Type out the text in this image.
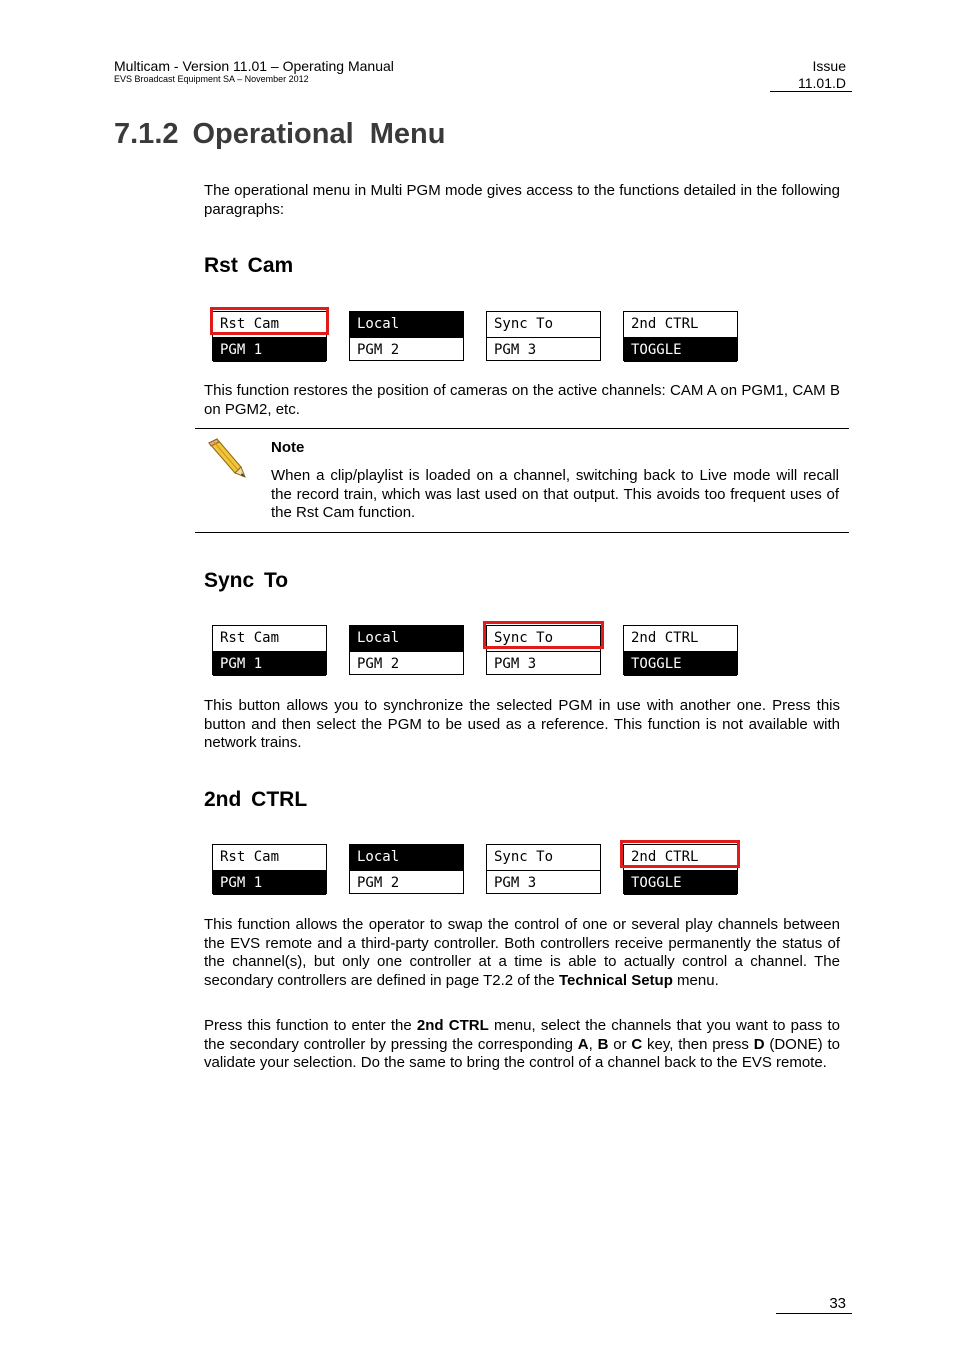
Multicam - Version 11.01 – Operating Manual
EVS Broadcast Equipment SA – November 2012
Issue
11.01.D
7.1.2 Operational Menu
The operational menu in Multi PGM mode gives access to the functions detailed in the following paragraphs:
Rst Cam
Rst Cam
PGM 1
Local
PGM 2
Sync To
PGM 3
2nd CTRL
TOGGLE
This function restores the position of cameras on the active channels: CAM A on PGM1, CAM B on PGM2, etc.
Note
When a clip/playlist is loaded on a channel, switching back to Live mode will recall the record train, which was last used on that output. This avoids too frequent uses of the Rst Cam function.
Sync To
Rst Cam
PGM 1
Local
PGM 2
Sync To
PGM 3
2nd CTRL
TOGGLE
This button allows you to synchronize the selected PGM in use with another one. Press this button and then select the PGM to be used as a reference. This function is not available with network trains.
2nd CTRL
Rst Cam
PGM 1
Local
PGM 2
Sync To
PGM 3
2nd CTRL
TOGGLE
This function allows the operator to swap the control of one or several play channels between the EVS remote and a third-party controller. Both controllers receive permanently the status of the channel(s), but only one controller at a time is able to actually control a channel. The secondary controllers are defined in page T2.2 of the Technical Setup menu.
Press this function to enter the 2nd CTRL menu, select the channels that you want to pass to the secondary controller by pressing the corresponding A, B or C key, then press D (DONE) to validate your selection. Do the same to bring the control of a channel back to the EVS remote.
33
